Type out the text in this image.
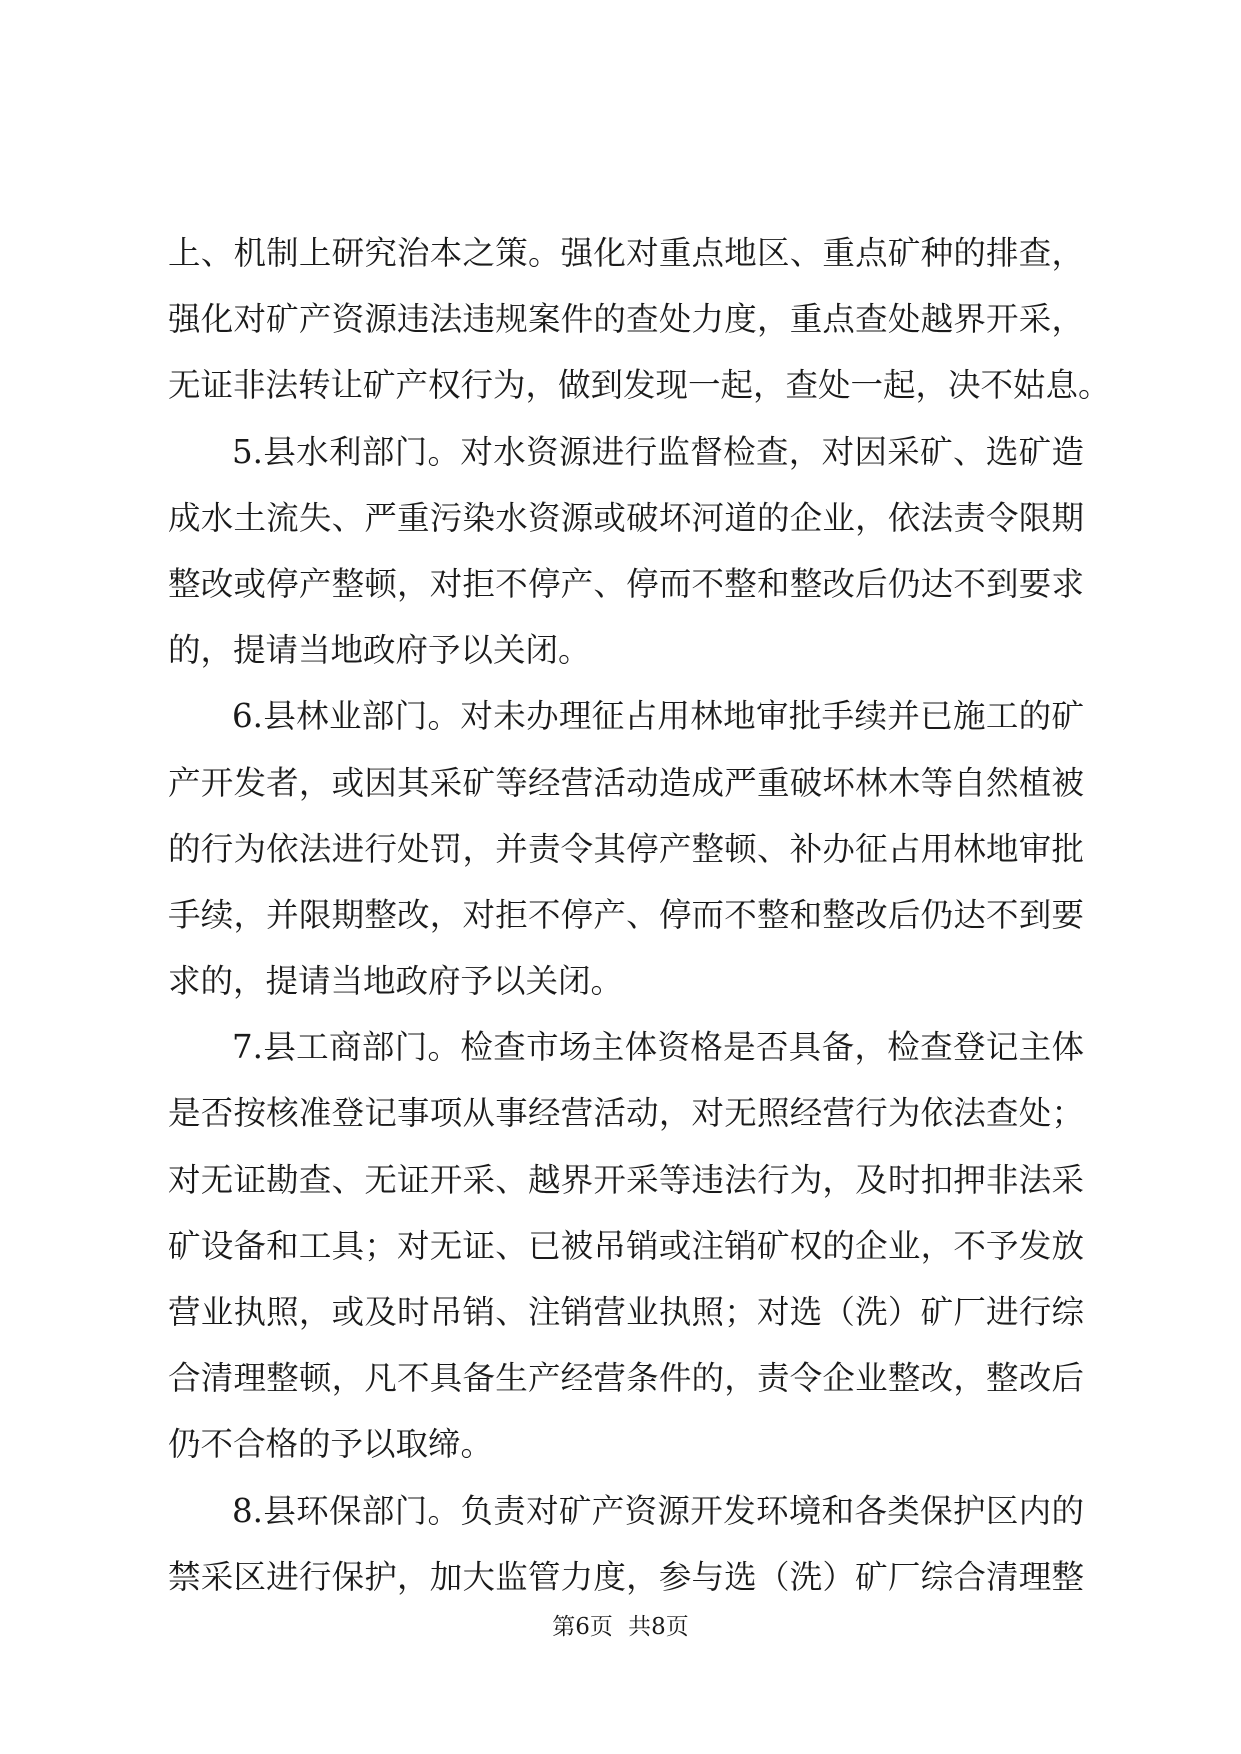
上、机制上研究治本之策。强化对重点地区、重点矿种的排查，
强化对矿产资源违法违规案件的查处力度，重点查处越界开采，
无证非法转让矿产权行为，做到发现一起，查处一起，决不姑息。
5.县水利部门。对水资源进行监督检查，对因采矿、选矿造
成水土流失、严重污染水资源或破坏河道的企业，依法责令限期
整改或停产整顿，对拒不停产、停而不整和整改后仍达不到要求
的，提请当地政府予以关闭。
6.县林业部门。对未办理征占用林地审批手续并已施工的矿
产开发者，或因其采矿等经营活动造成严重破坏林木等自然植被
的行为依法进行处罚，并责令其停产整顿、补办征占用林地审批
手续，并限期整改，对拒不停产、停而不整和整改后仍达不到要
求的，提请当地政府予以关闭。
7.县工商部门。检查市场主体资格是否具备，检查登记主体
是否按核准登记事项从事经营活动，对无照经营行为依法查处；
对无证勘查、无证开采、越界开采等违法行为，及时扣押非法采
矿设备和工具；对无证、已被吊销或注销矿权的企业，不予发放
营业执照，或及时吊销、注销营业执照；对选（洗）矿厂进行综
合清理整顿，凡不具备生产经营条件的，责令企业整改，整改后
仍不合格的予以取缔。
8.县环保部门。负责对矿产资源开发环境和各类保护区内的
禁采区进行保护，加大监管力度，参与选（洗）矿厂综合清理整
第6页 共8页
